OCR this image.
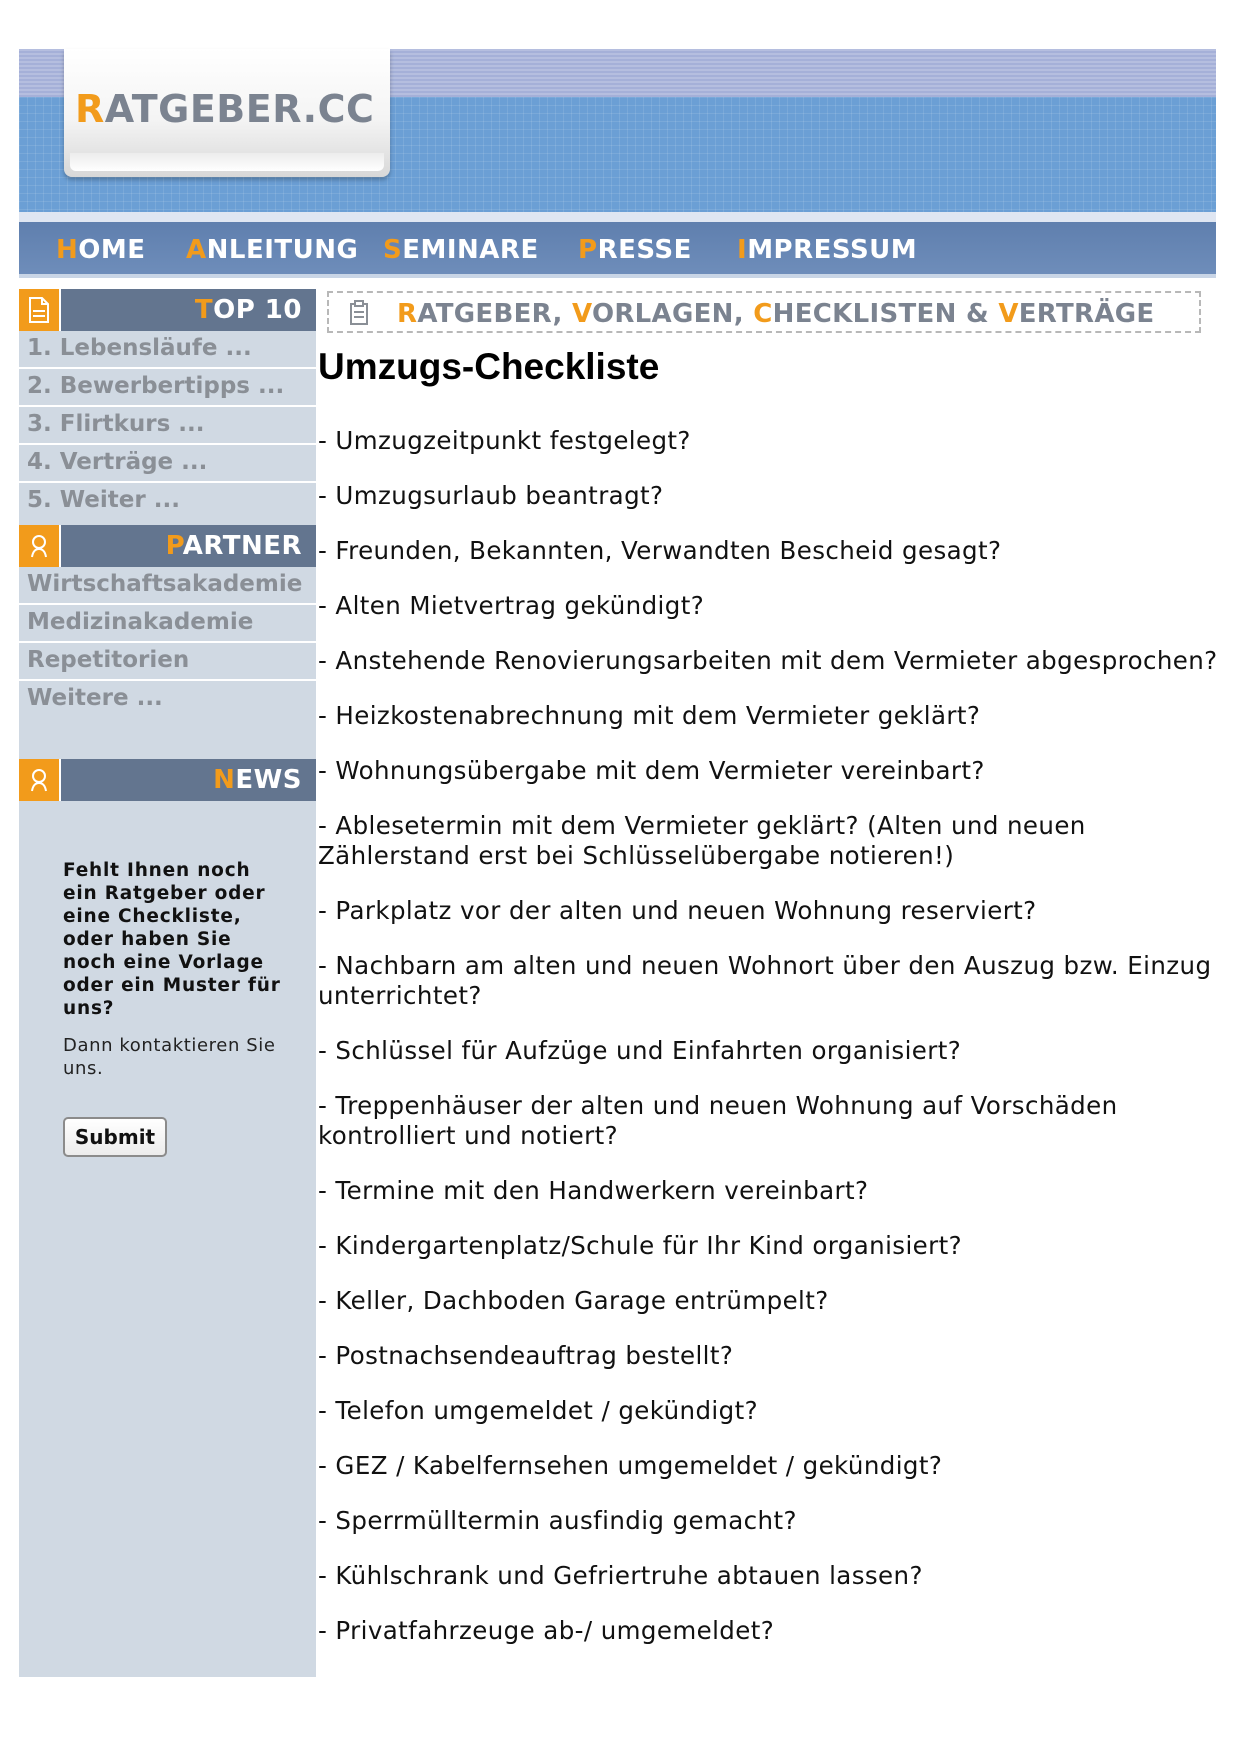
RATGEBER.CC
HOME ANLEITUNG SEMINARE PRESSE IMPRESSUM
TOP 10
1. Lebensläufe ...
2. Bewerbertipps ...
3. Flirtkurs ...
4. Verträge ...
5. Weiter ...
PARTNER
Wirtschaftsakademie
Medizinakademie
Repetitorien
Weitere ...
NEWS
Fehlt Ihnen noch ein Ratgeber oder eine Checkliste, oder haben Sie noch eine Vorlage oder ein Muster für uns?
Dann kontaktieren Sie uns.
Submit
RATGEBER, VORLAGEN, CHECKLISTEN & VERTRÄGE
Umzugs-Checkliste
- Umzugzeitpunkt festgelegt?
- Umzugsurlaub beantragt?
- Freunden, Bekannten, Verwandten Bescheid gesagt?
- Alten Mietvertrag gekündigt?
- Anstehende Renovierungsarbeiten mit dem Vermieter abgesprochen?
- Heizkostenabrechnung mit dem Vermieter geklärt?
- Wohnungsübergabe mit dem Vermieter vereinbart?
- Ablesetermin mit dem Vermieter geklärt? (Alten und neuen Zählerstand erst bei Schlüsselübergabe notieren!)
- Parkplatz vor der alten und neuen Wohnung reserviert?
- Nachbarn am alten und neuen Wohnort über den Auszug bzw. Einzug unterrichtet?
- Schlüssel für Aufzüge und Einfahrten organisiert?
- Treppenhäuser der alten und neuen Wohnung auf Vorschäden kontrolliert und notiert?
- Termine mit den Handwerkern vereinbart?
- Kindergartenplatz/Schule für Ihr Kind organisiert?
- Keller, Dachboden Garage entrümpelt?
- Postnachsendeauftrag bestellt?
- Telefon umgemeldet / gekündigt?
- GEZ / Kabelfernsehen umgemeldet / gekündigt?
- Sperrmülltermin ausfindig gemacht?
- Kühlschrank und Gefriertruhe abtauen lassen?
- Privatfahrzeuge ab-/ umgemeldet?
